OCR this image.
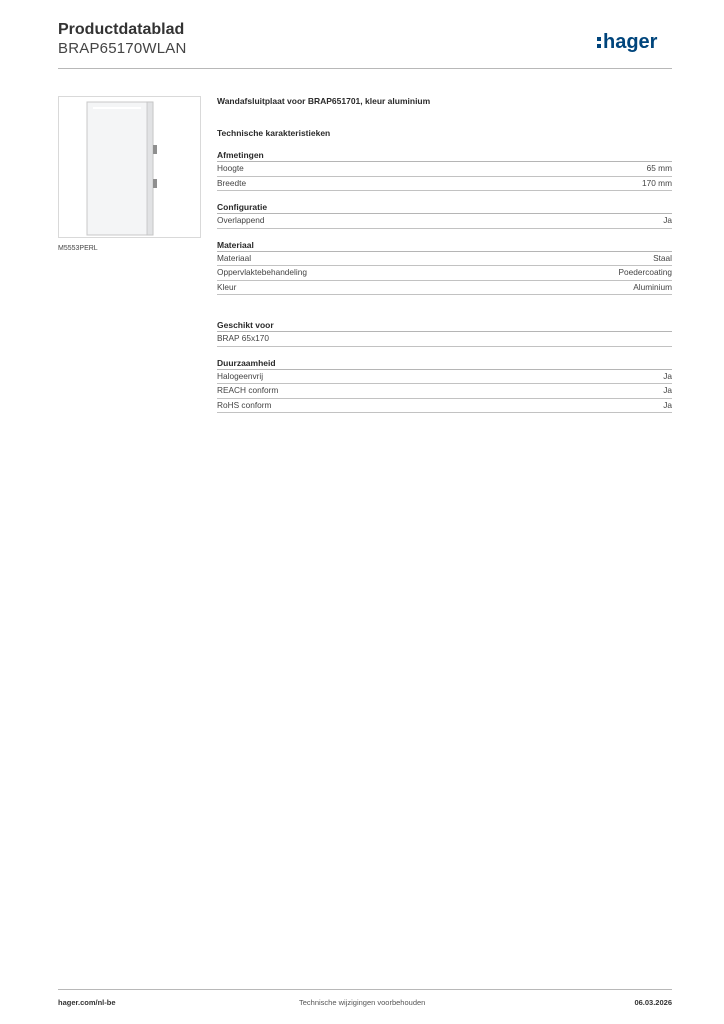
Productdatablad
BRAP65170WLAN	hager
M5553PERL
Wandafsluitplaat voor BRAP651701, kleur aluminium
Technische karakteristieken
Afmetingen
Hoogte	65 mm
Breedte	170 mm
Configuratie
Overlappend	Ja
Materiaal
Materiaal	Staal
Oppervlaktebehandeling	Poedercoating
Kleur	Aluminium
Geschikt voor
BRAP 65x170
Duurzaamheid
Halogeenvrij	Ja
REACH conform	Ja
RoHS conform	Ja
hager.com/nl-be	Technische wijzigingen voorbehouden	06.03.2026
